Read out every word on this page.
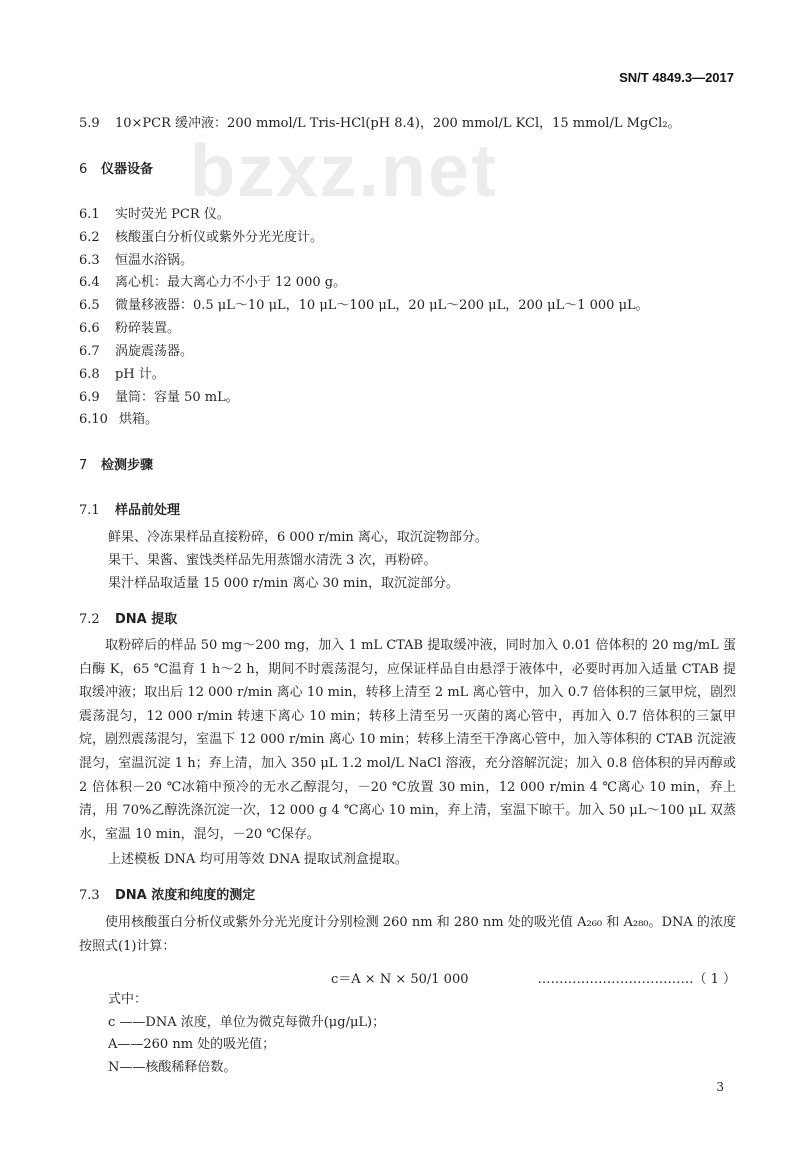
SN/T 4849.3—2017
bzxz.net
5.9 10×PCR 缓冲液：200 mmol/L Tris-HCl(pH 8.4)，200 mmol/L KCl，15 mmol/L MgCl₂。
6 仪器设备
6.1 实时荧光 PCR 仪。
6.2 核酸蛋白分析仪或紫外分光光度计。
6.3 恒温水浴锅。
6.4 离心机：最大离心力不小于 12 000 g。
6.5 微量移液器：0.5 μL～10 μL，10 μL～100 μL，20 μL～200 μL，200 μL～1 000 μL。
6.6 粉碎装置。
6.7 涡旋震荡器。
6.8 pH 计。
6.9 量筒：容量 50 mL。
6.10 烘箱。
7 检测步骤
7.1 样品前处理
鲜果、冷冻果样品直接粉碎，6 000 r/min 离心，取沉淀物部分。
果干、果酱、蜜饯类样品先用蒸馏水清洗 3 次，再粉碎。
果汁样品取适量 15 000 r/min 离心 30 min，取沉淀部分。
7.2 DNA 提取
取粉碎后的样品 50 mg～200 mg，加入 1 mL CTAB 提取缓冲液，同时加入 0.01 倍体积的 20 mg/mL 蛋白酶 K，65 ℃温育 1 h～2 h，期间不时震荡混匀，应保证样品自由悬浮于液体中，必要时再加入适量 CTAB 提取缓冲液；取出后 12 000 r/min 离心 10 min，转移上清至 2 mL 离心管中，加入 0.7 倍体积的三氯甲烷，剧烈震荡混匀，12 000 r/min 转速下离心 10 min；转移上清至另一灭菌的离心管中，再加入 0.7 倍体积的三氯甲烷，剧烈震荡混匀，室温下 12 000 r/min 离心 10 min；转移上清至干净离心管中，加入等体积的 CTAB 沉淀液混匀，室温沉淀 1 h；弃上清，加入 350 μL 1.2 mol/L NaCl 溶液，充分溶解沉淀；加入 0.8 倍体积的异丙醇或 2 倍体积－20 ℃冰箱中预冷的无水乙醇混匀，－20 ℃放置 30 min，12 000 r/min 4 ℃离心 10 min，弃上清，用 70%乙醇洗涤沉淀一次，12 000 g 4 ℃离心 10 min，弃上清，室温下晾干。加入 50 μL～100 μL 双蒸水，室温 10 min，混匀，－20 ℃保存。
上述模板 DNA 均可用等效 DNA 提取试剂盒提取。
7.3 DNA 浓度和纯度的测定
使用核酸蛋白分析仪或紫外分光光度计分别检测 260 nm 和 280 nm 处的吸光值 A₂₆₀ 和 A₂₈₀。DNA 的浓度按照式(1)计算：
c＝A × N × 50/1 000	………………………………（ 1 ）
式中：
c ——DNA 浓度，单位为微克每微升(μg/μL)；
A——260 nm 处的吸光值；
N——核酸稀释倍数。
3
